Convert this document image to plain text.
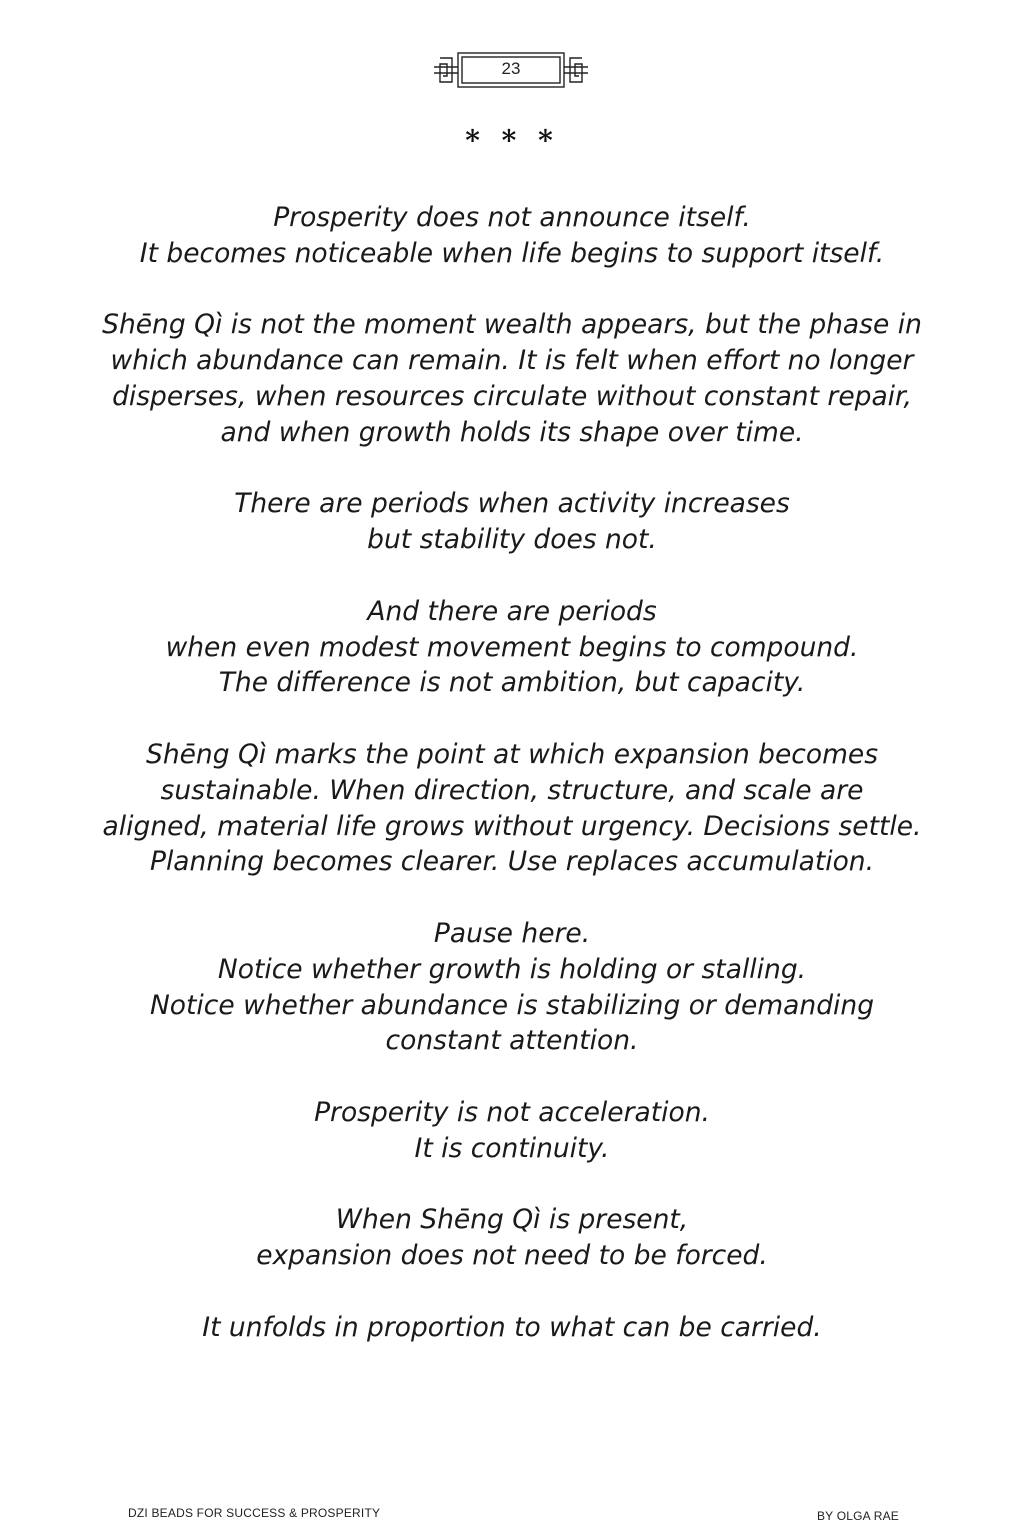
23
* * *

Prosperity does not announce itself.
It becomes noticeable when life begins to support itself.

Shēng Qì is not the moment wealth appears, but the phase in
which abundance can remain. It is felt when effort no longer
disperses, when resources circulate without constant repair,
and when growth holds its shape over time.

There are periods when activity increases
but stability does not.

And there are periods
when even modest movement begins to compound.
The difference is not ambition, but capacity.

Shēng Qì marks the point at which expansion becomes
sustainable. When direction, structure, and scale are
aligned, material life grows without urgency. Decisions settle.
Planning becomes clearer. Use replaces accumulation.

Pause here.
Notice whether growth is holding or stalling.
Notice whether abundance is stabilizing or demanding
constant attention.

Prosperity is not acceleration.
It is continuity.

When Shēng Qì is present,
expansion does not need to be forced.

It unfolds in proportion to what can be carried.

DZI BEADS FOR SUCCESS & PROSPERITY	BY OLGA RAE
